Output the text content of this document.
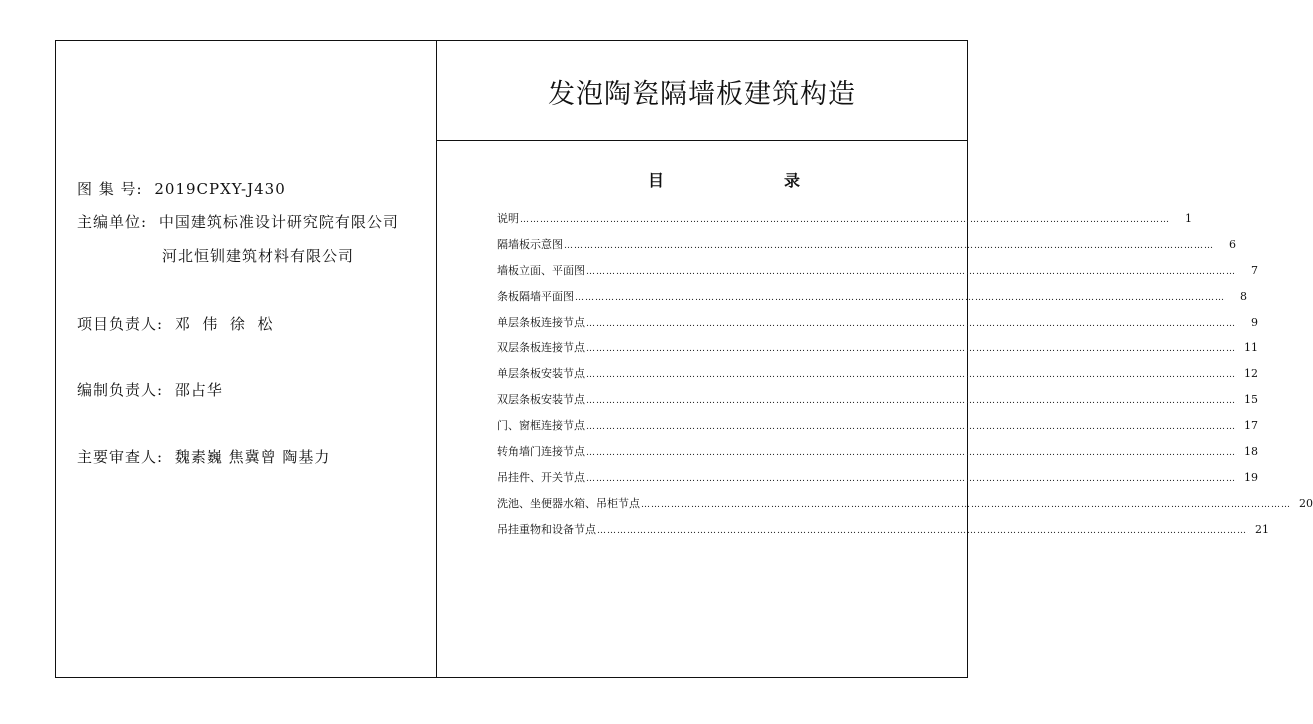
发泡陶瓷隔墙板建筑构造
图 集 号: 2019CPXY-J430
主编单位: 中国建筑标准设计研究院有限公司
河北恒钏建筑材料有限公司
项目负责人: 邓  伟  徐  松
编制负责人: 邵占华
主要审查人: 魏素巍 焦冀曾 陶基力
目	录
说明 ……………………………………………………………………………………………………………………………………………………………………………	1
隔墙板示意图 ……………………………………………………………………………………………………………………………………………………………………………	6
墙板立面、平面图 ……………………………………………………………………………………………………………………………………………………………………………	7
条板隔墙平面图 ……………………………………………………………………………………………………………………………………………………………………………	8
单层条板连接节点 ……………………………………………………………………………………………………………………………………………………………………………	9
双层条板连接节点 …………………………………………………………………………………………………………………………………………………………………………… 11
单层条板安装节点 …………………………………………………………………………………………………………………………………………………………………………… 12
双层条板安装节点 …………………………………………………………………………………………………………………………………………………………………………… 15
门、窗框连接节点 …………………………………………………………………………………………………………………………………………………………………………… 17
转角墙门连接节点 …………………………………………………………………………………………………………………………………………………………………………… 18
吊挂件、开关节点 …………………………………………………………………………………………………………………………………………………………………………… 19
洗池、坐便器水箱、吊柜节点 …………………………………………………………………………………………………………………………………………………………………………… 20
吊挂重物和设备节点 …………………………………………………………………………………………………………………………………………………………………………… 21
